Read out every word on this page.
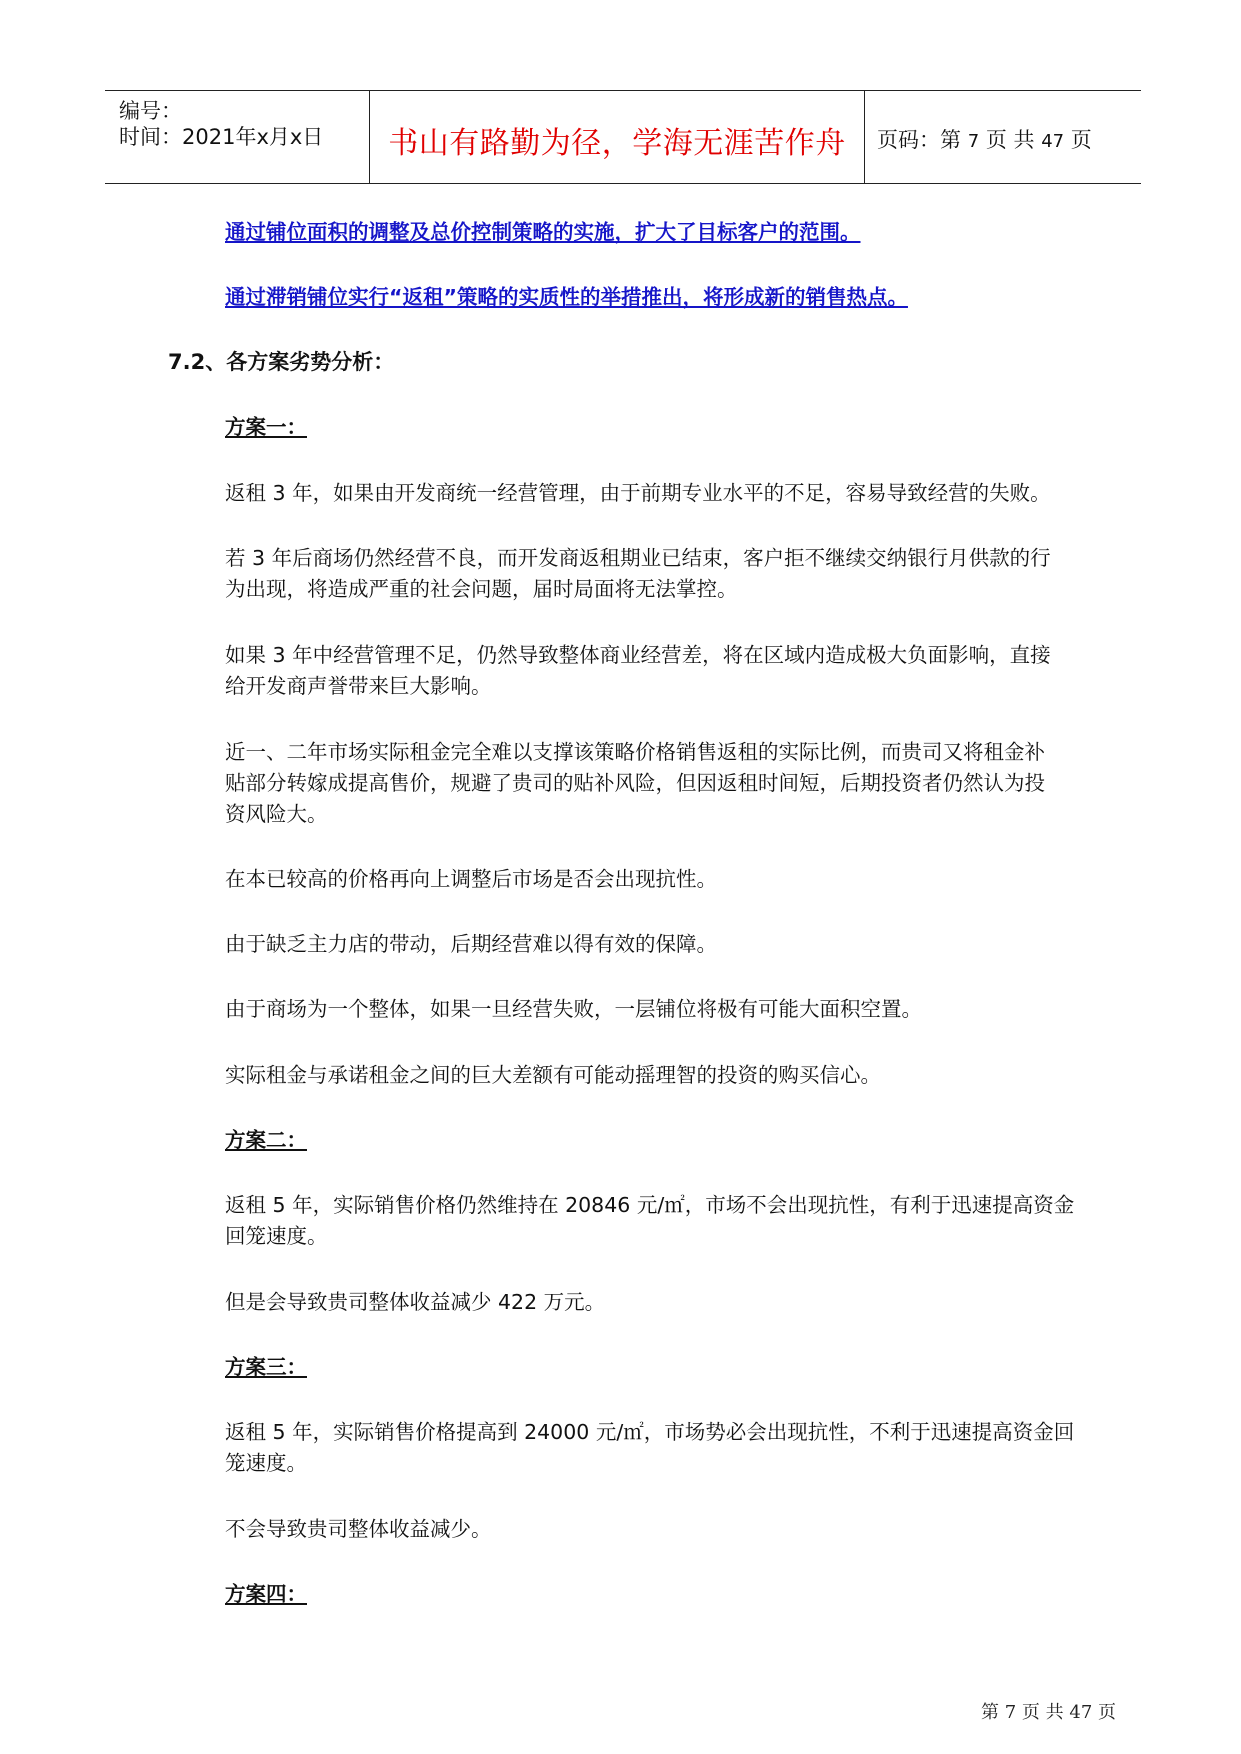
编号：
时间：2021年x月x日	书山有路勤为径，学海无涯苦作舟	页码：第 7 页 共 47 页
通过铺位面积的调整及总价控制策略的实施，扩大了目标客户的范围。
通过滞销铺位实行“返租”策略的实质性的举措推出，将形成新的销售热点。
7.2、各方案劣势分析：
方案一：
返租 3 年，如果由开发商统一经营管理，由于前期专业水平的不足，容易导致经营的失败。
若 3 年后商场仍然经营不良，而开发商返租期业已结束，客户拒不继续交纳银行月供款的行
为出现，将造成严重的社会问题，届时局面将无法掌控。
如果 3 年中经营管理不足，仍然导致整体商业经营差，将在区域内造成极大负面影响，直接
给开发商声誉带来巨大影响。
近一、二年市场实际租金完全难以支撑该策略价格销售返租的实际比例，而贵司又将租金补
贴部分转嫁成提高售价，规避了贵司的贴补风险，但因返租时间短，后期投资者仍然认为投
资风险大。
在本已较高的价格再向上调整后市场是否会出现抗性。
由于缺乏主力店的带动，后期经营难以得有效的保障。
由于商场为一个整体，如果一旦经营失败，一层铺位将极有可能大面积空置。
实际租金与承诺租金之间的巨大差额有可能动摇理智的投资的购买信心。
方案二：
返租 5 年，实际销售价格仍然维持在 20846 元/㎡，市场不会出现抗性，有利于迅速提高资金
回笼速度。
但是会导致贵司整体收益减少 422 万元。
方案三：
返租 5 年，实际销售价格提高到 24000 元/㎡，市场势必会出现抗性，不利于迅速提高资金回
笼速度。
不会导致贵司整体收益减少。
方案四：
第 7 页 共 47 页
